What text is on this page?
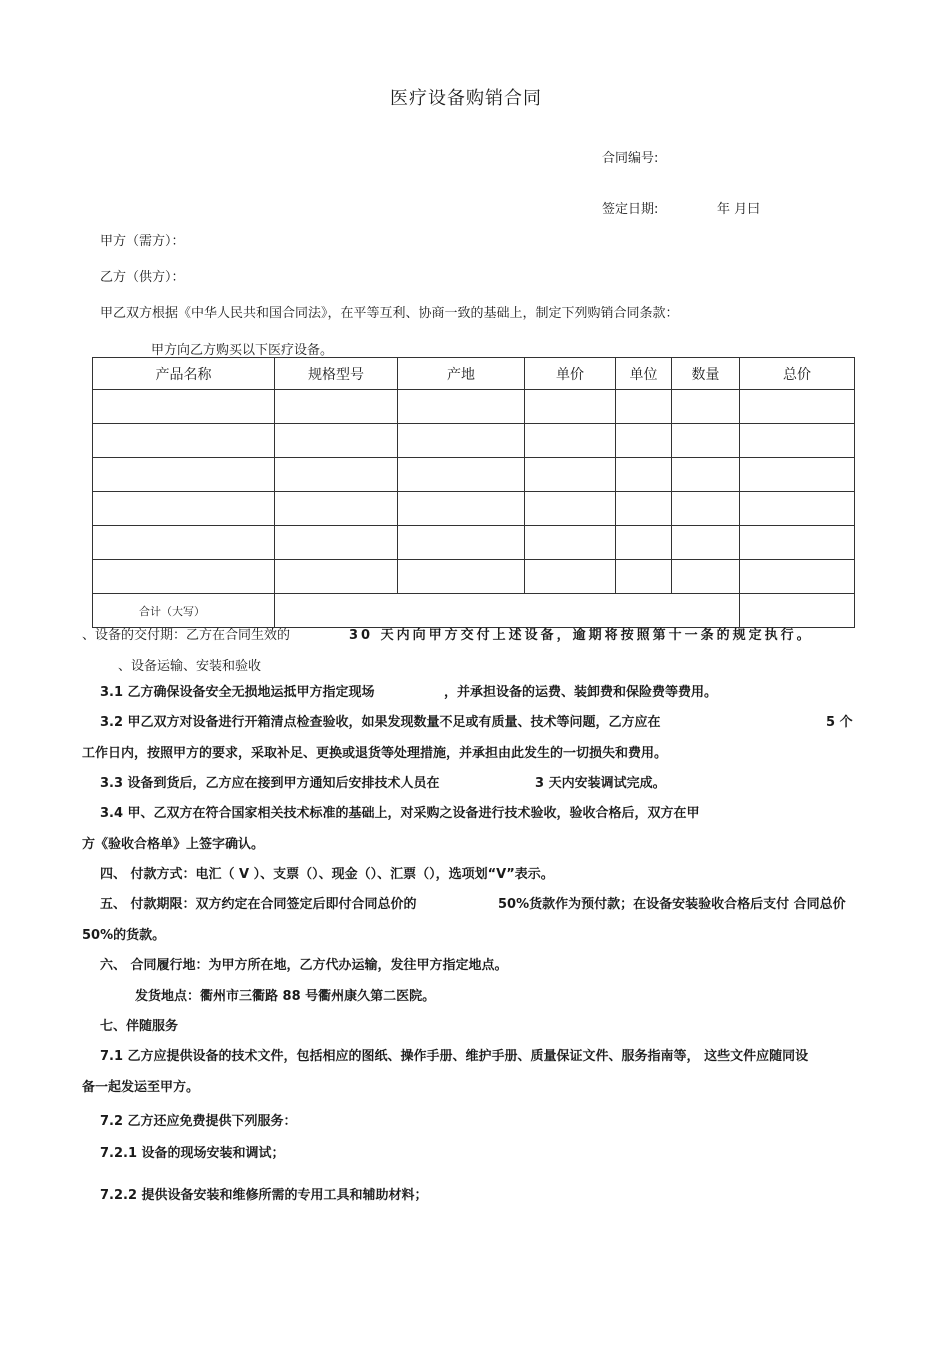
医疗设备购销合同
合同编号:
签定日期:	年 月曰
甲方（需方）：
乙方（供方）：
甲乙双方根据《中华人民共和国合同法》，在平等互利、协商一致的基础上，制定下列购销合同条款：
甲方向乙方购买以下医疗设备。
产品名称	规格型号	产地	单价	单位	数量	总价

合计（大写）						
、设备的交付期：乙方在合同生效的	30 天内向甲方交付上述设备，逾期将按照第十一条的规定执行。
、设备运输、安装和验收
3.1 乙方确保设备安全无损地运抵甲方指定现场	，并承担设备的运费、装卸费和保险费等费用。
3.2 甲乙双方对设备进行开箱清点检查验收，如果发现数量不足或有质量、技术等问题，乙方应在	5 个
工作日内，按照甲方的要求，采取补足、更换或退货等处理措施，并承担由此发生的一切损失和费用。
3.3 设备到货后，乙方应在接到甲方通知后安排技术人员在	3 天内安装调试完成。
3.4 甲、乙双方在符合国家相关技术标准的基础上，对采购之设备进行技术验收，验收合格后，双方在甲
方《验收合格单》上签字确认。
四、 付款方式：电汇（ V ）、支票（）、现金（）、汇票（），选项划“V”表示。
五、 付款期限：双方约定在合同签定后即付合同总价的	50%货款作为预付款；在设备安装验收合格后支付 合同总价
50%的货款。
六、 合同履行地：为甲方所在地，乙方代办运输，发往甲方指定地点。
发货地点：衢州市三衢路 88 号衢州康久第二医院。
七、伴随服务
7.1 乙方应提供设备的技术文件，包括相应的图纸、操作手册、维护手册、质量保证文件、服务指南等， 这些文件应随同设
备一起发运至甲方。
7.2 乙方还应免费提供下列服务：
7.2.1 设备的现场安装和调试；
7.2.2 提供设备安装和维修所需的专用工具和辅助材料；
